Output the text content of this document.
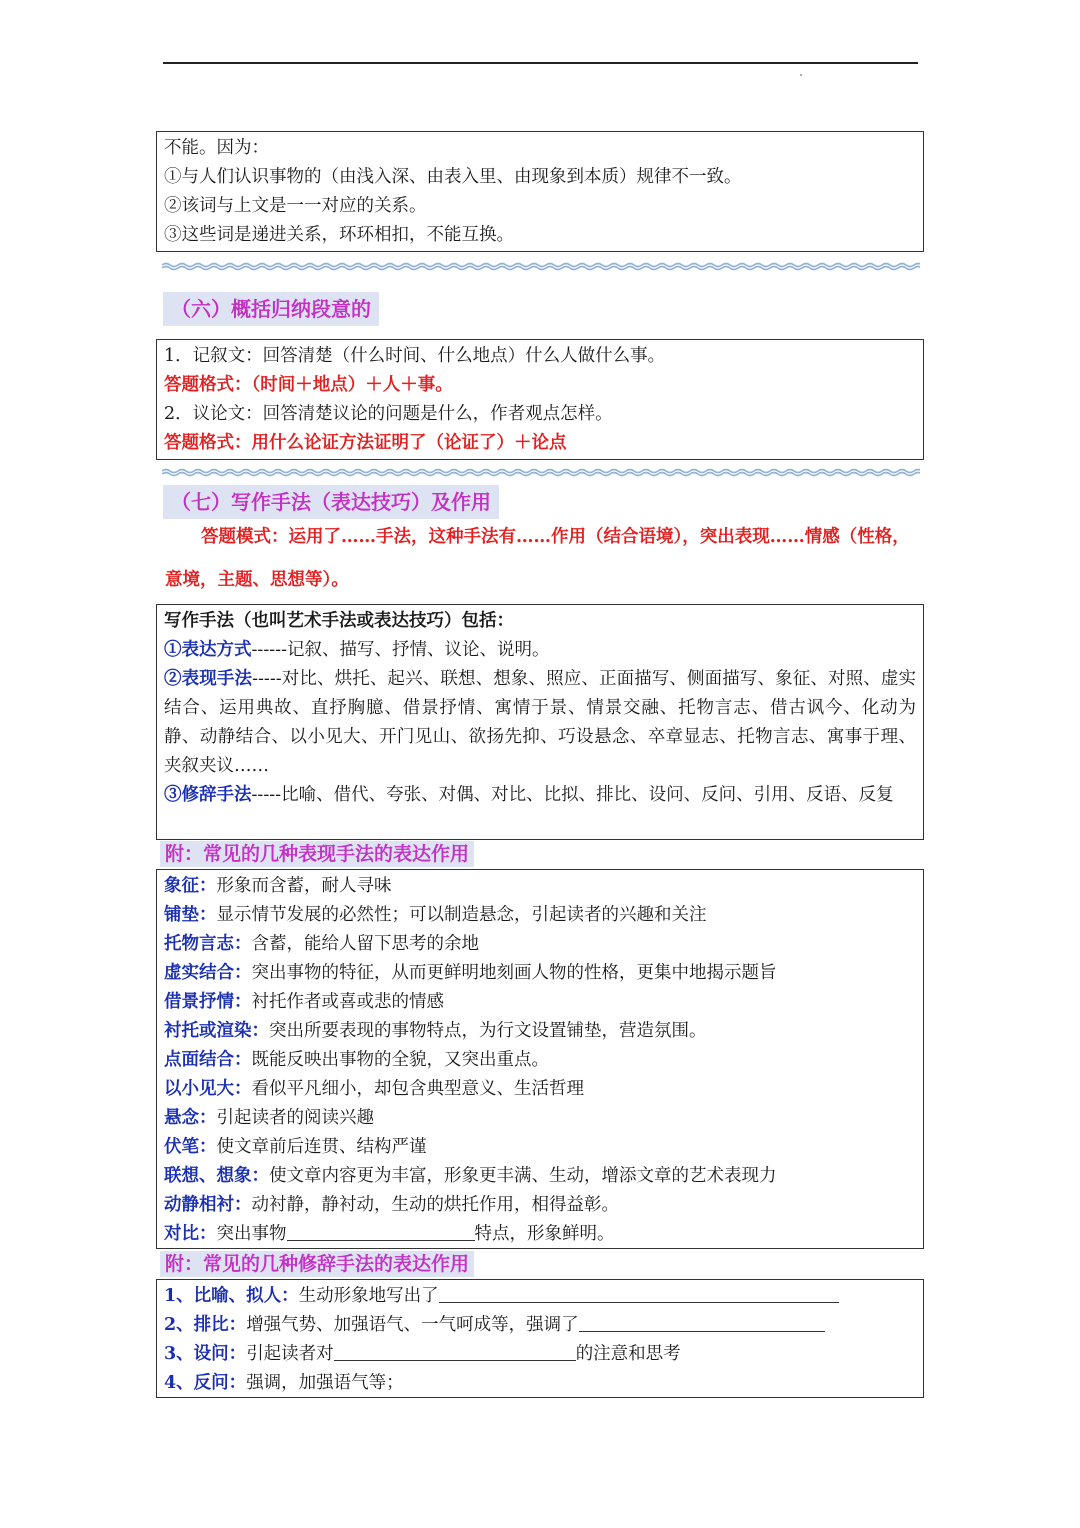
不能。因为：
①与人们认识事物的（由浅入深、由表入里、由现象到本质）规律不一致。
②该词与上文是一一对应的关系。
③这些词是递进关系，环环相扣，不能互换。
（六）概括归纳段意的
1．记叙文：回答清楚（什么时间、什么地点）什么人做什么事。
答题格式：（时间＋地点）＋人＋事。
2．议论文：回答清楚议论的问题是什么，作者观点怎样。
答题格式：用什么论证方法证明了（论证了）＋论点
（七）写作手法（表达技巧）及作用
答题模式：运用了……手法，这种手法有……作用（结合语境），突出表现……情感（性格，意境，主题、思想等）。
写作手法（也叫艺术手法或表达技巧）包括：
①表达方式------记叙、描写、抒情、议论、说明。
②表现手法-----对比、烘托、起兴、联想、想象、照应、正面描写、侧面描写、象征、对照、虚实结合、运用典故、直抒胸臆、借景抒情、寓情于景、情景交融、托物言志、借古讽今、化动为静、动静结合、以小见大、开门见山、欲扬先抑、巧设悬念、卒章显志、托物言志、寓事于理、夹叙夹议……
③修辞手法-----比喻、借代、夸张、对偶、对比、比拟、排比、设问、反问、引用、反语、反复
附：常见的几种表现手法的表达作用
象征：形象而含蓄，耐人寻味
铺垫：显示情节发展的必然性；可以制造悬念，引起读者的兴趣和关注
托物言志：含蓄，能给人留下思考的余地
虚实结合：突出事物的特征，从而更鲜明地刻画人物的性格，更集中地揭示题旨
借景抒情：衬托作者或喜或悲的情感
衬托或渲染：突出所要表现的事物特点，为行文设置铺垫，营造氛围。
点面结合：既能反映出事物的全貌，又突出重点。
以小见大：看似平凡细小，却包含典型意义、生活哲理
悬念：引起读者的阅读兴趣
伏笔：使文章前后连贯、结构严谨
联想、想象：使文章内容更为丰富，形象更丰满、生动，增添文章的艺术表现力
动静相衬：动衬静，静衬动，生动的烘托作用，相得益彰。
对比：突出事物	特点，形象鲜明。
附：常见的几种修辞手法的表达作用
1、比喻、拟人：生动形象地写出了
2、排比：增强气势、加强语气、一气呵成等，强调了
3、设问：引起读者对	的注意和思考
4、反问：强调，加强语气等；
